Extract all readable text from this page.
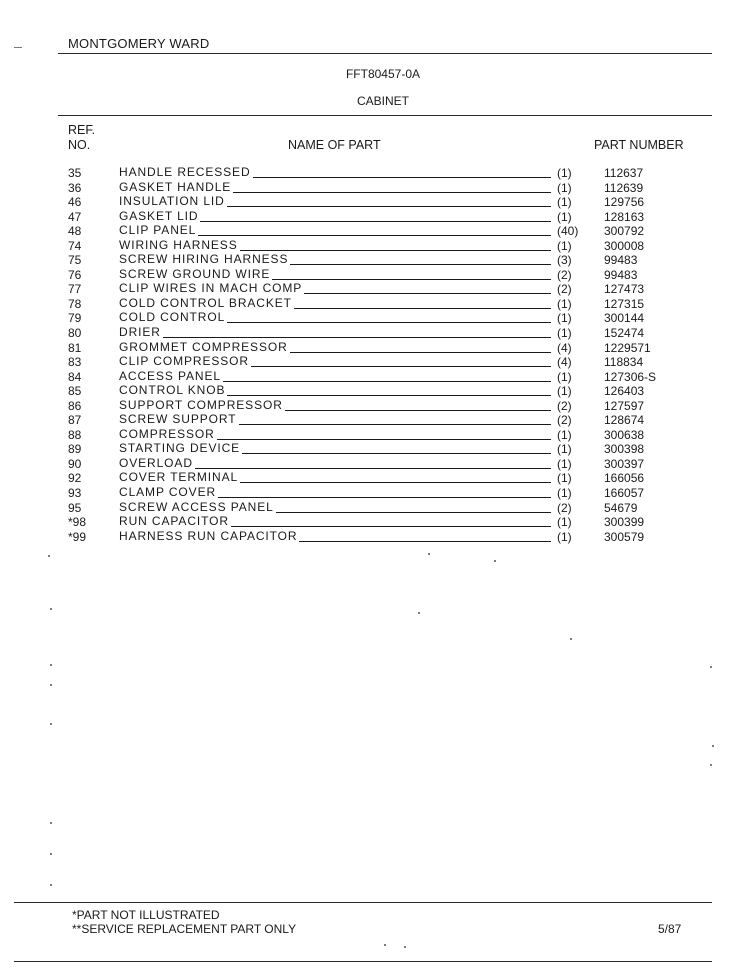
MONTGOMERY WARD
FFT80457-0A
CABINET
REF.
NO.	NAME OF PART	PART NUMBER
35	HANDLE RECESSED	(1)	112637
36	GASKET HANDLE	(1)	112639
46	INSULATION LID	(1)	129756
47	GASKET LID	(1)	128163
48	CLIP PANEL	(40) 300792
74	WIRING HARNESS	(1)	300008
75	SCREW HIRING HARNESS	(3)	99483
76	SCREW GROUND WIRE	(2)	99483
77	CLIP WIRES IN MACH COMP	(2)	127473
78	COLD CONTROL BRACKET	(1)	127315
79	COLD CONTROL	(1)	300144
80	DRIER	(1)	152474
81	GROMMET COMPRESSOR	(4)	1229571
83	CLIP COMPRESSOR	(4)	118834
84	ACCESS PANEL	(1)	127306-S
85	CONTROL KNOB	(1)	126403
86	SUPPORT COMPRESSOR	(2)	127597
87	SCREW SUPPORT	(2)	128674
88	COMPRESSOR	(1)	300638
89	STARTING DEVICE	(1)	300398
90	OVERLOAD	(1)	300397
92	COVER TERMINAL	(1)	166056
93	CLAMP COVER	(1)	166057
95	SCREW ACCESS PANEL	(2)	54679
*98	RUN CAPACITOR	(1)	300399
*99	HARNESS RUN CAPACITOR	(1)	300579
*PART NOT ILLUSTRATED
**SERVICE REPLACEMENT PART ONLY	5/87
